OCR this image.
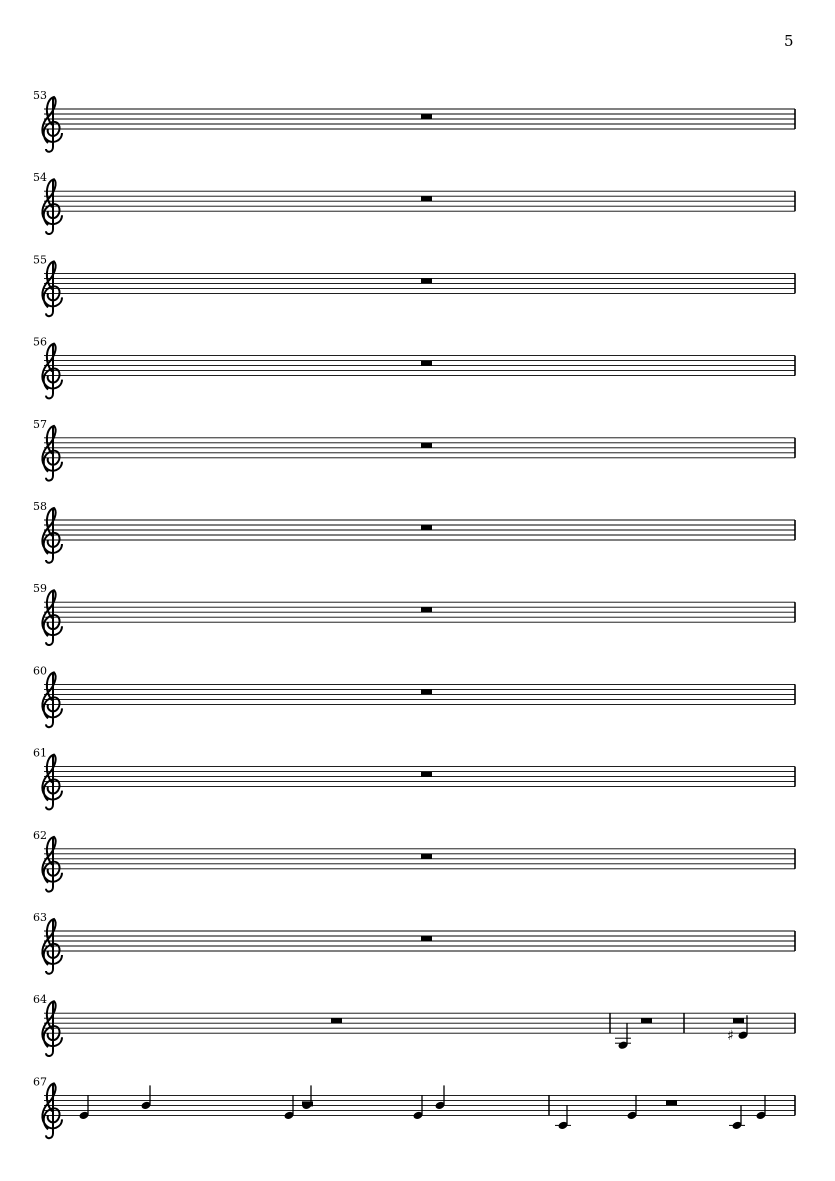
5
53
54
55
56
57
58
59
60
61
62
63
64
♯
67
